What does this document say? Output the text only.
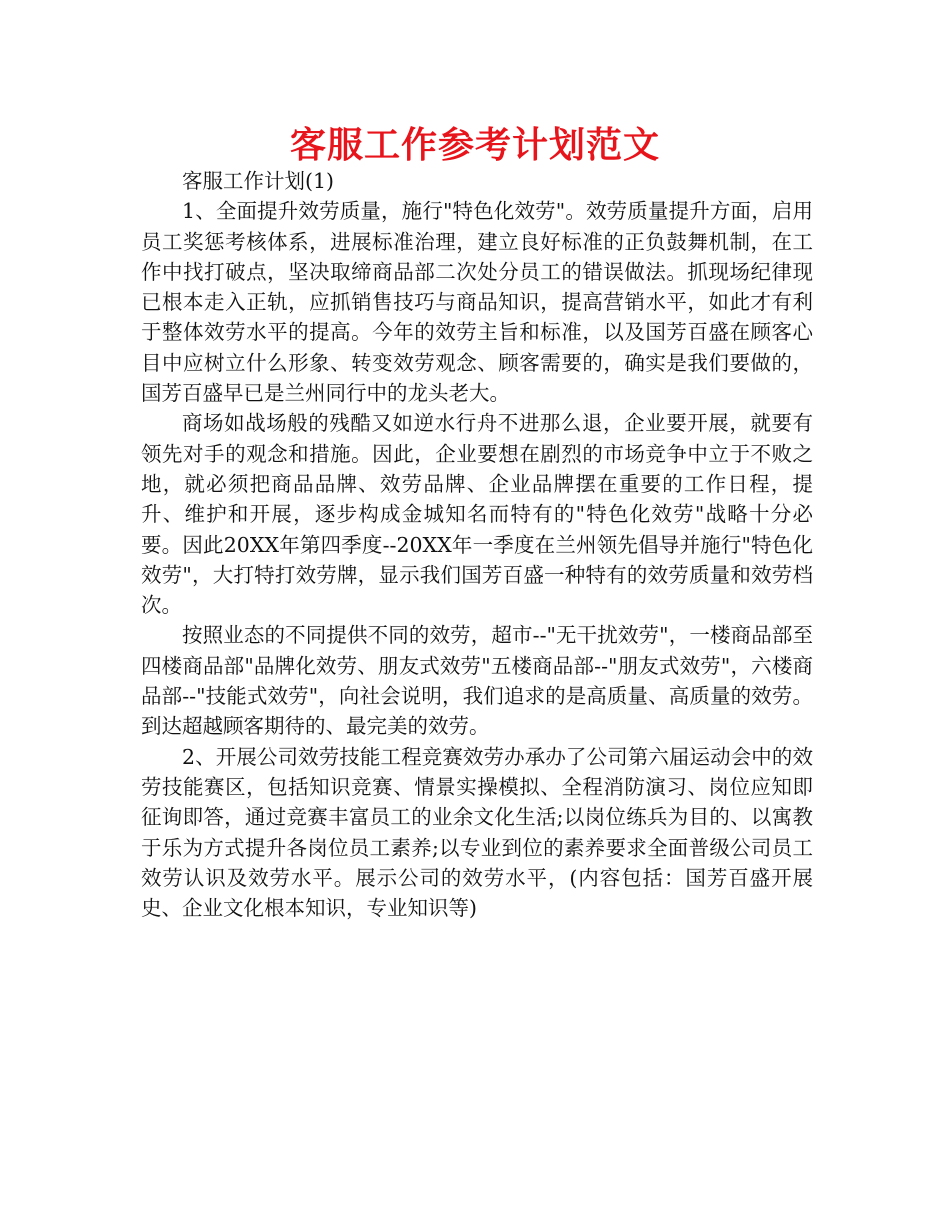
客服工作参考计划范文

客服工作计划(1)

1、全面提升效劳质量，施行"特色化效劳"。效劳质量提升方面，启用员工奖惩考核体系，进展标准治理，建立良好标准的正负鼓舞机制，在工作中找打破点，坚决取缔商品部二次处分员工的错误做法。抓现场纪律现已根本走入正轨，应抓销售技巧与商品知识，提高营销水平，如此才有利于整体效劳水平的提高。今年的效劳主旨和标准，以及国芳百盛在顾客心目中应树立什么形象、转变效劳观念、顾客需要的，确实是我们要做的，国芳百盛早已是兰州同行中的龙头老大。

商场如战场般的残酷又如逆水行舟不进那么退，企业要开展，就要有领先对手的观念和措施。因此，企业要想在剧烈的市场竞争中立于不败之地，就必须把商品品牌、效劳品牌、企业品牌摆在重要的工作日程，提升、维护和开展，逐步构成金城知名而特有的"特色化效劳"战略十分必要。因此20XX年第四季度--20XX年一季度在兰州领先倡导并施行"特色化效劳"，大打特打效劳牌，显示我们国芳百盛一种特有的效劳质量和效劳档次。

按照业态的不同提供不同的效劳，超市--"无干扰效劳"，一楼商品部至四楼商品部"品牌化效劳、朋友式效劳"五楼商品部--"朋友式效劳"，六楼商品部--"技能式效劳"，向社会说明，我们追求的是高质量、高质量的效劳。到达超越顾客期待的、最完美的效劳。

2、开展公司效劳技能工程竞赛效劳办承办了公司第六届运动会中的效劳技能赛区，包括知识竞赛、情景实操模拟、全程消防演习、岗位应知即征询即答，通过竞赛丰富员工的业余文化生活;以岗位练兵为目的、以寓教于乐为方式提升各岗位员工素养;以专业到位的素养要求全面普级公司员工效劳认识及效劳水平。展示公司的效劳水平，(内容包括：国芳百盛开展史、企业文化根本知识，专业知识等)
